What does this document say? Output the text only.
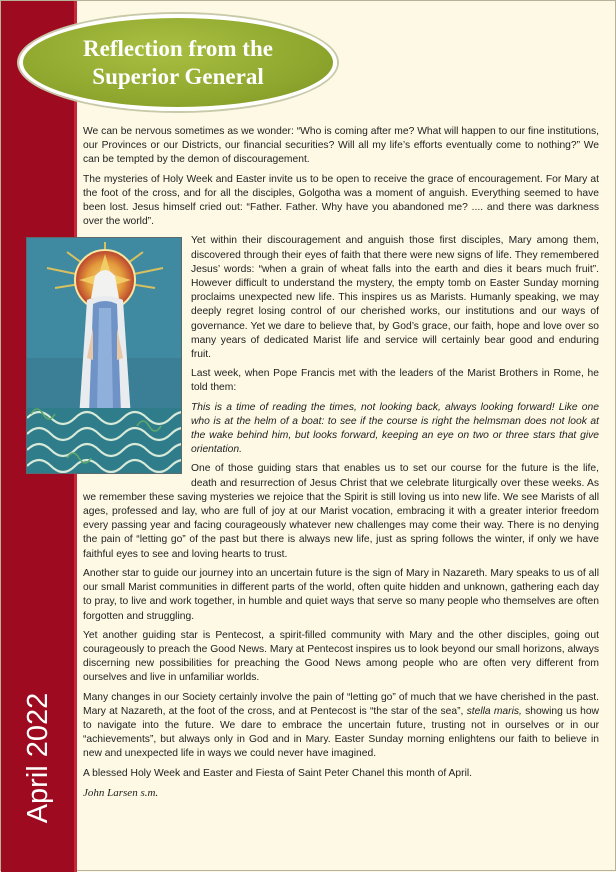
April 2022
Reflection from the
Superior General

We can be nervous sometimes as we wonder: “Who is coming after me? What will happen to our fine institutions, our Provinces or our Districts, our financial securities? Will all my life’s efforts eventually come to nothing?” We can be tempted by the demon of discouragement.

The mysteries of Holy Week and Easter invite us to be open to receive the grace of encouragement. For Mary at the foot of the cross, and for all the disciples, Golgotha was a moment of anguish. Everything seemed to have been lost. Jesus himself cried out: “Father. Father. Why have you abandoned me? .... and there was darkness over the world”.

Yet within their discouragement and anguish those first disciples, Mary among them, discovered through their eyes of faith that there were new signs of life. They remembered Jesus’ words: “when a grain of wheat falls into the earth and dies it bears much fruit”. However difficult to understand the mystery, the empty tomb on Easter Sunday morning proclaims unexpected new life. This inspires us as Marists. Humanly speaking, we may deeply regret losing control of our cherished works, our institutions and our ways of governance. Yet we dare to believe that, by God’s grace, our faith, hope and love over so many years of dedicated Marist life and service will certainly bear good and enduring fruit.

Last week, when Pope Francis met with the leaders of the Marist Brothers in Rome, he told them:

This is a time of reading the times, not looking back, always looking forward! Like one who is at the helm of a boat: to see if the course is right the helmsman does not look at the wake behind him, but looks forward, keeping an eye on two or three stars that give orientation.

One of those guiding stars that enables us to set our course for the future is the life, death and resurrection of Jesus Christ that we celebrate liturgically over these weeks. As we remember these saving mysteries we rejoice that the Spirit is still loving us into new life. We see Marists of all ages, professed and lay, who are full of joy at our Marist vocation, embracing it with a greater interior freedom every passing year and facing courageously whatever new challenges may come their way. There is no denying the pain of “letting go” of the past but there is always new life, just as spring follows the winter, if only we have faithful eyes to see and loving hearts to trust.

Another star to guide our journey into an uncertain future is the sign of Mary in Nazareth. Mary speaks to us of all our small Marist communities in different parts of the world, often quite hidden and unknown, gathering each day to pray, to live and work together, in humble and quiet ways that serve so many people who themselves are often forgotten and struggling.

Yet another guiding star is Pentecost, a spirit-filled community with Mary and the other disciples, going out courageously to preach the Good News. Mary at Pentecost inspires us to look beyond our small horizons, always discerning new possibilities for preaching the Good News among people who are often very different from ourselves and live in unfamiliar worlds.

Many changes in our Society certainly involve the pain of “letting go” of much that we have cherished in the past. Mary at Nazareth, at the foot of the cross, and at Pentecost is “the star of the sea”, stella maris, showing us how to navigate into the future. We dare to embrace the uncertain future, trusting not in ourselves or in our “achievements”, but always only in God and in Mary. Easter Sunday morning enlightens our faith to believe in new and unexpected life in ways we could never have imagined.

A blessed Holy Week and Easter and Fiesta of Saint Peter Chanel this month of April.

John Larsen s.m.
